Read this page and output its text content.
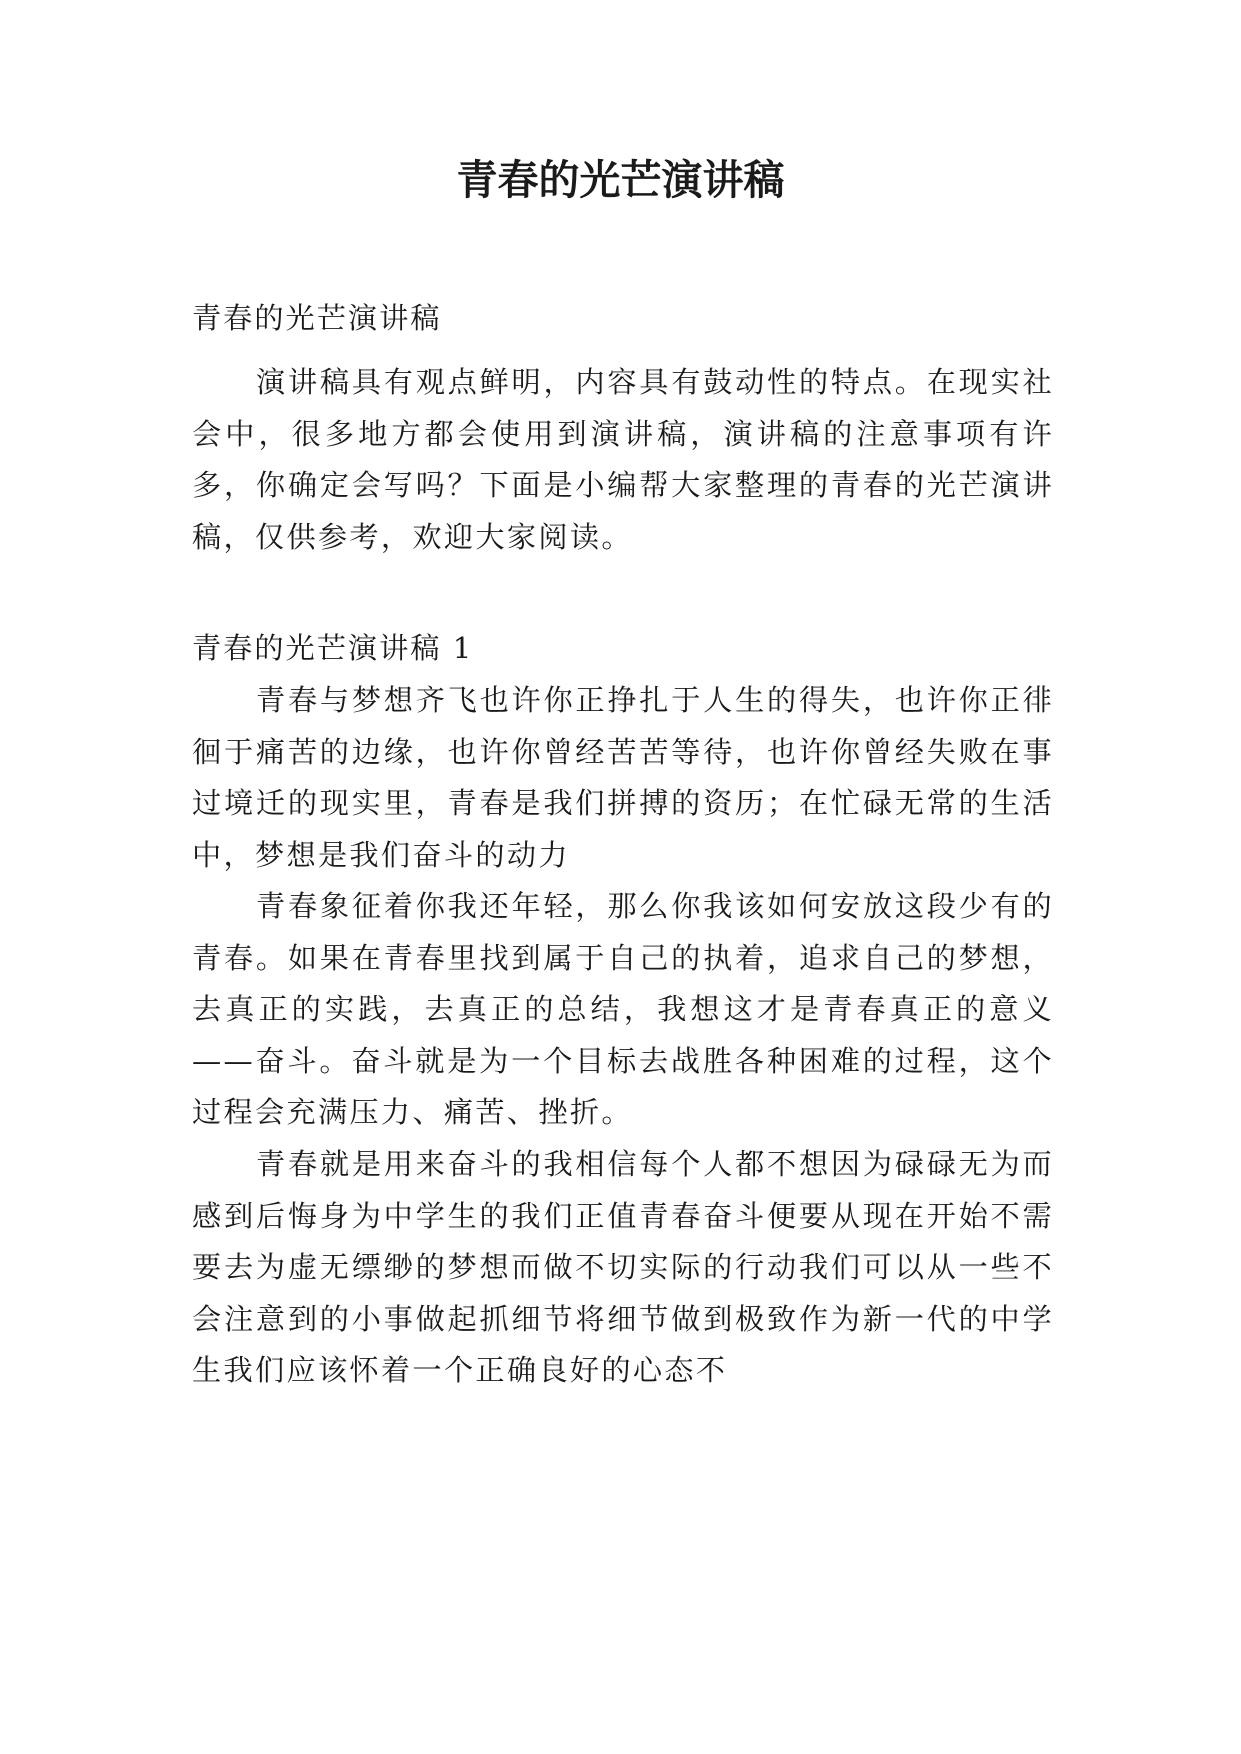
青春的光芒演讲稿

青春的光芒演讲稿

演讲稿具有观点鲜明，内容具有鼓动性的特点。在现实社会中，很多地方都会使用到演讲稿，演讲稿的注意事项有许多，你确定会写吗？下面是小编帮大家整理的青春的光芒演讲稿，仅供参考，欢迎大家阅读。

青春的光芒演讲稿 1

青春与梦想齐飞也许你正挣扎于人生的得失，也许你正徘徊于痛苦的边缘，也许你曾经苦苦等待，也许你曾经失败在事过境迁的现实里，青春是我们拼搏的资历；在忙碌无常的生活中，梦想是我们奋斗的动力

青春象征着你我还年轻，那么你我该如何安放这段少有的青春。如果在青春里找到属于自己的执着，追求自己的梦想，去真正的实践，去真正的总结，我想这才是青春真正的意义——奋斗。奋斗就是为一个目标去战胜各种困难的过程，这个过程会充满压力、痛苦、挫折。

青春就是用来奋斗的我相信每个人都不想因为碌碌无为而感到后悔身为中学生的我们正值青春奋斗便要从现在开始不需要去为虚无缥缈的梦想而做不切实际的行动我们可以从一些不会注意到的小事做起抓细节将细节做到极致作为新一代的中学生我们应该怀着一个正确良好的心态不
